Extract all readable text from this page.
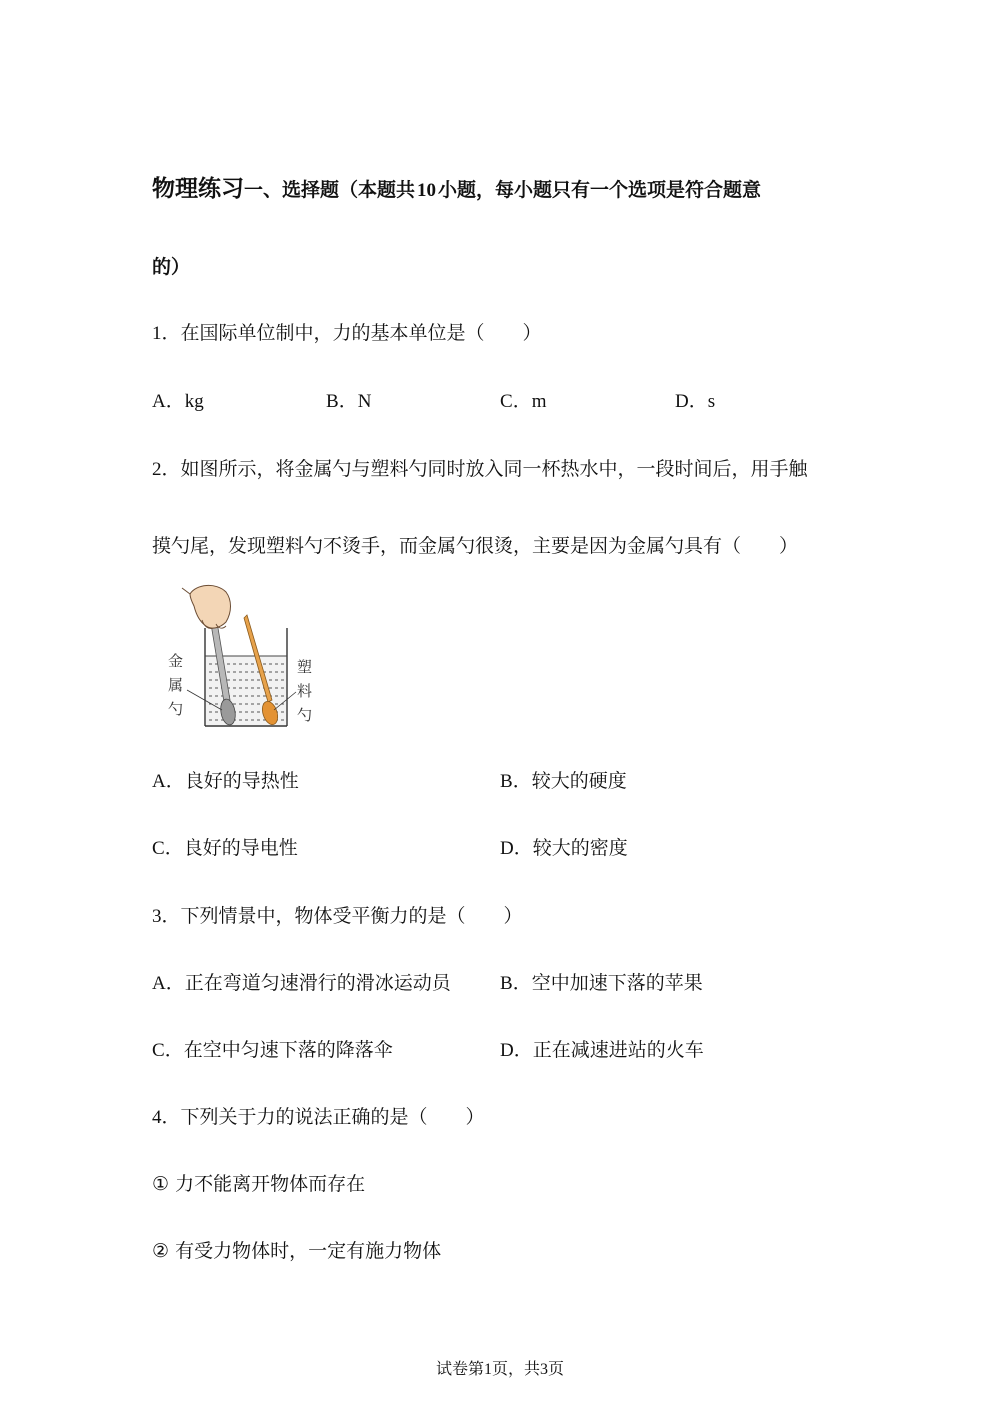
物理练习一、选择题（本题共 10 小题，每小题只有一个选项是符合题意
的）
1．在国际单位制中，力的基本单位是（　　）
A．kg	B．N	C．m	D．s
2．如图所示，将金属勺与塑料勺同时放入同一杯热水中，一段时间后，用手触
摸勺尾，发现塑料勺不烫手，而金属勺很烫，主要是因为金属勺具有（　　）
金
属
勺
塑
料
勺
A．良好的导热性	B．较大的硬度
C．良好的导电性	D．较大的密度
3．下列情景中，物体受平衡力的是（　　）
A．正在弯道匀速滑行的滑冰运动员	B．空中加速下落的苹果
C．在空中匀速下落的降落伞	D．正在减速进站的火车
4．下列关于力的说法正确的是（　　）
① 力不能离开物体而存在
② 有受力物体时，一定有施力物体
试卷第1页，共3页
